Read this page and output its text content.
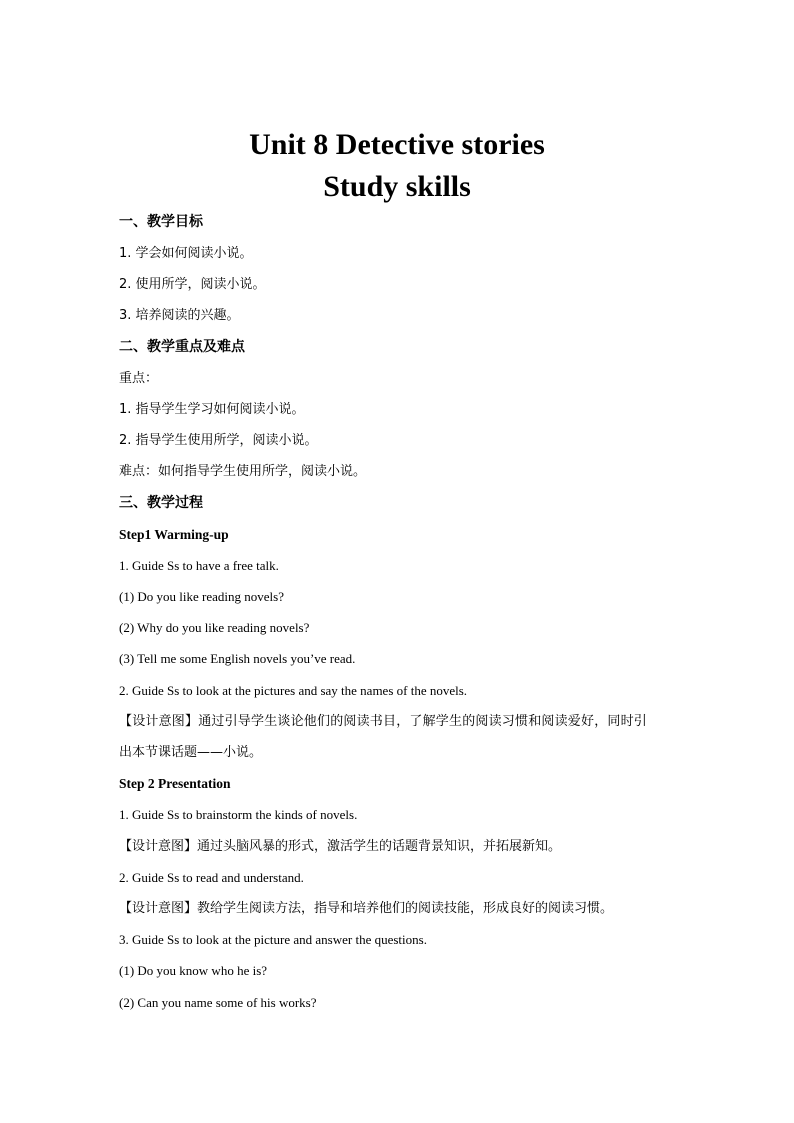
Unit 8 Detective stories
Study skills

一、教学目标

1. 学会如何阅读小说。

2. 使用所学，阅读小说。

3. 培养阅读的兴趣。

二、教学重点及难点

重点：

1. 指导学生学习如何阅读小说。

2. 指导学生使用所学，阅读小说。

难点：如何指导学生使用所学，阅读小说。

三、教学过程

Step1 Warming-up

1. Guide Ss to have a free talk.

(1) Do you like reading novels?

(2) Why do you like reading novels?

(3) Tell me some English novels you’ve read.

2. Guide Ss to look at the pictures and say the names of the novels.

【设计意图】通过引导学生谈论他们的阅读书目，了解学生的阅读习惯和阅读爱好，同时引

出本节课话题——小说。

Step 2 Presentation

1. Guide Ss to brainstorm the kinds of novels.

【设计意图】通过头脑风暴的形式，激活学生的话题背景知识，并拓展新知。

2. Guide Ss to read and understand.

【设计意图】教给学生阅读方法，指导和培养他们的阅读技能，形成良好的阅读习惯。

3. Guide Ss to look at the picture and answer the questions.

(1) Do you know who he is?

(2) Can you name some of his works?
